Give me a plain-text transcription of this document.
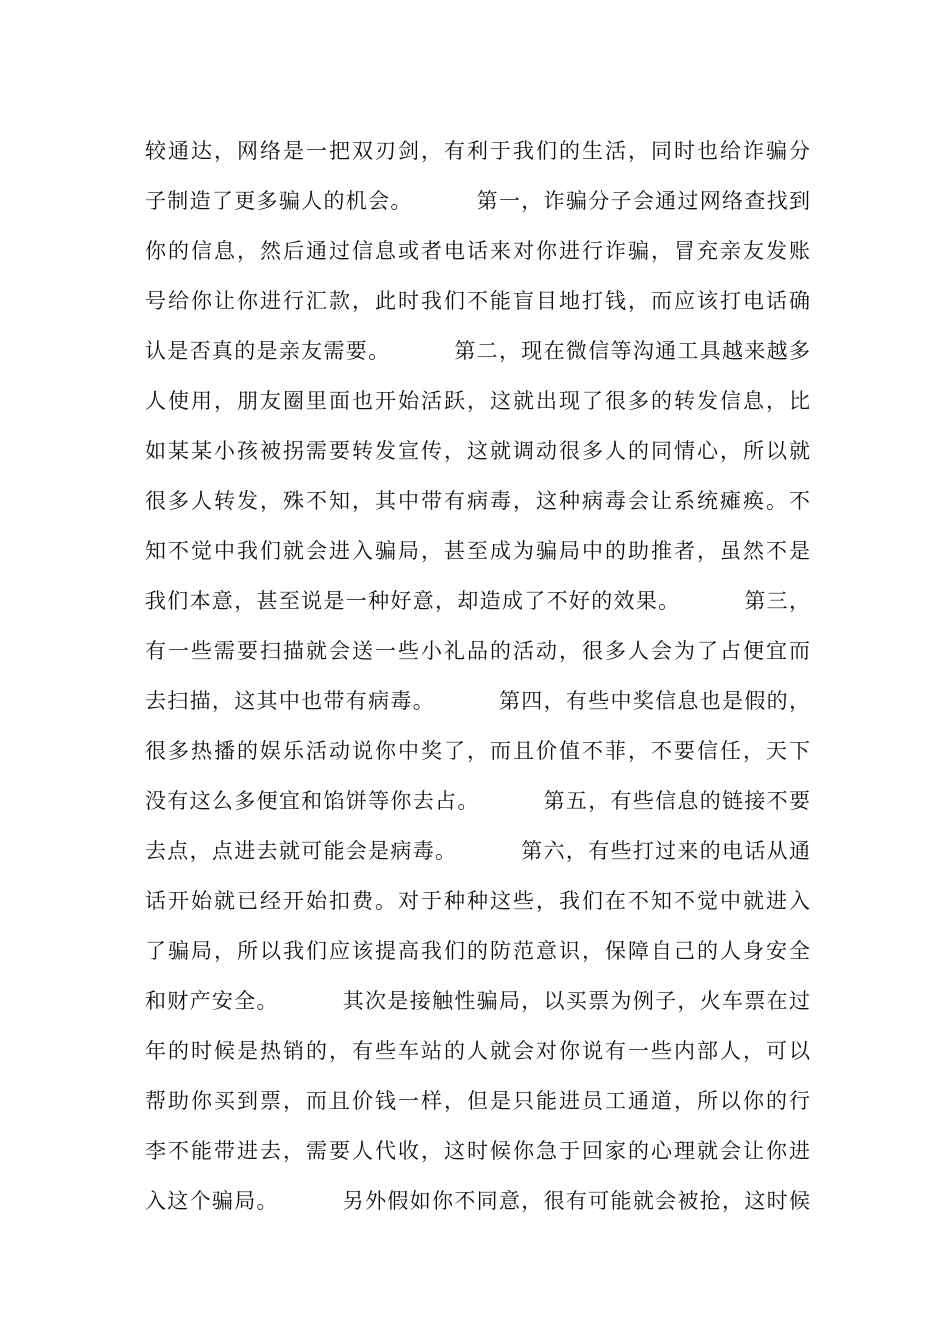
较通达，网络是一把双刃剑，有利于我们的生活，同时也给诈骗分
子制造了更多骗人的机会。        第一，诈骗分子会通过网络查找到
你的信息，然后通过信息或者电话来对你进行诈骗，冒充亲友发账
号给你让你进行汇款，此时我们不能盲目地打钱，而应该打电话确
认是否真的是亲友需要。        第二，现在微信等沟通工具越来越多
人使用，朋友圈里面也开始活跃，这就出现了很多的转发信息，比
如某某小孩被拐需要转发宣传，这就调动很多人的同情心，所以就
很多人转发，殊不知，其中带有病毒，这种病毒会让系统瘫痪。不
知不觉中我们就会进入骗局，甚至成为骗局中的助推者，虽然不是
我们本意，甚至说是一种好意，却造成了不好的效果。        第三，
有一些需要扫描就会送一些小礼品的活动，很多人会为了占便宜而
去扫描，这其中也带有病毒。        第四，有些中奖信息也是假的，
很多热播的娱乐活动说你中奖了，而且价值不菲，不要信任，天下
没有这么多便宜和馅饼等你去占。        第五，有些信息的链接不要
去点，点进去就可能会是病毒。        第六，有些打过来的电话从通
话开始就已经开始扣费。对于种种这些，我们在不知不觉中就进入
了骗局，所以我们应该提高我们的防范意识，保障自己的人身安全
和财产安全。        其次是接触性骗局，以买票为例子，火车票在过
年的时候是热销的，有些车站的人就会对你说有一些内部人，可以
帮助你买到票，而且价钱一样，但是只能进员工通道，所以你的行
李不能带进去，需要人代收，这时候你急于回家的心理就会让你进
入这个骗局。        另外假如你不同意，很有可能就会被抢，这时候
